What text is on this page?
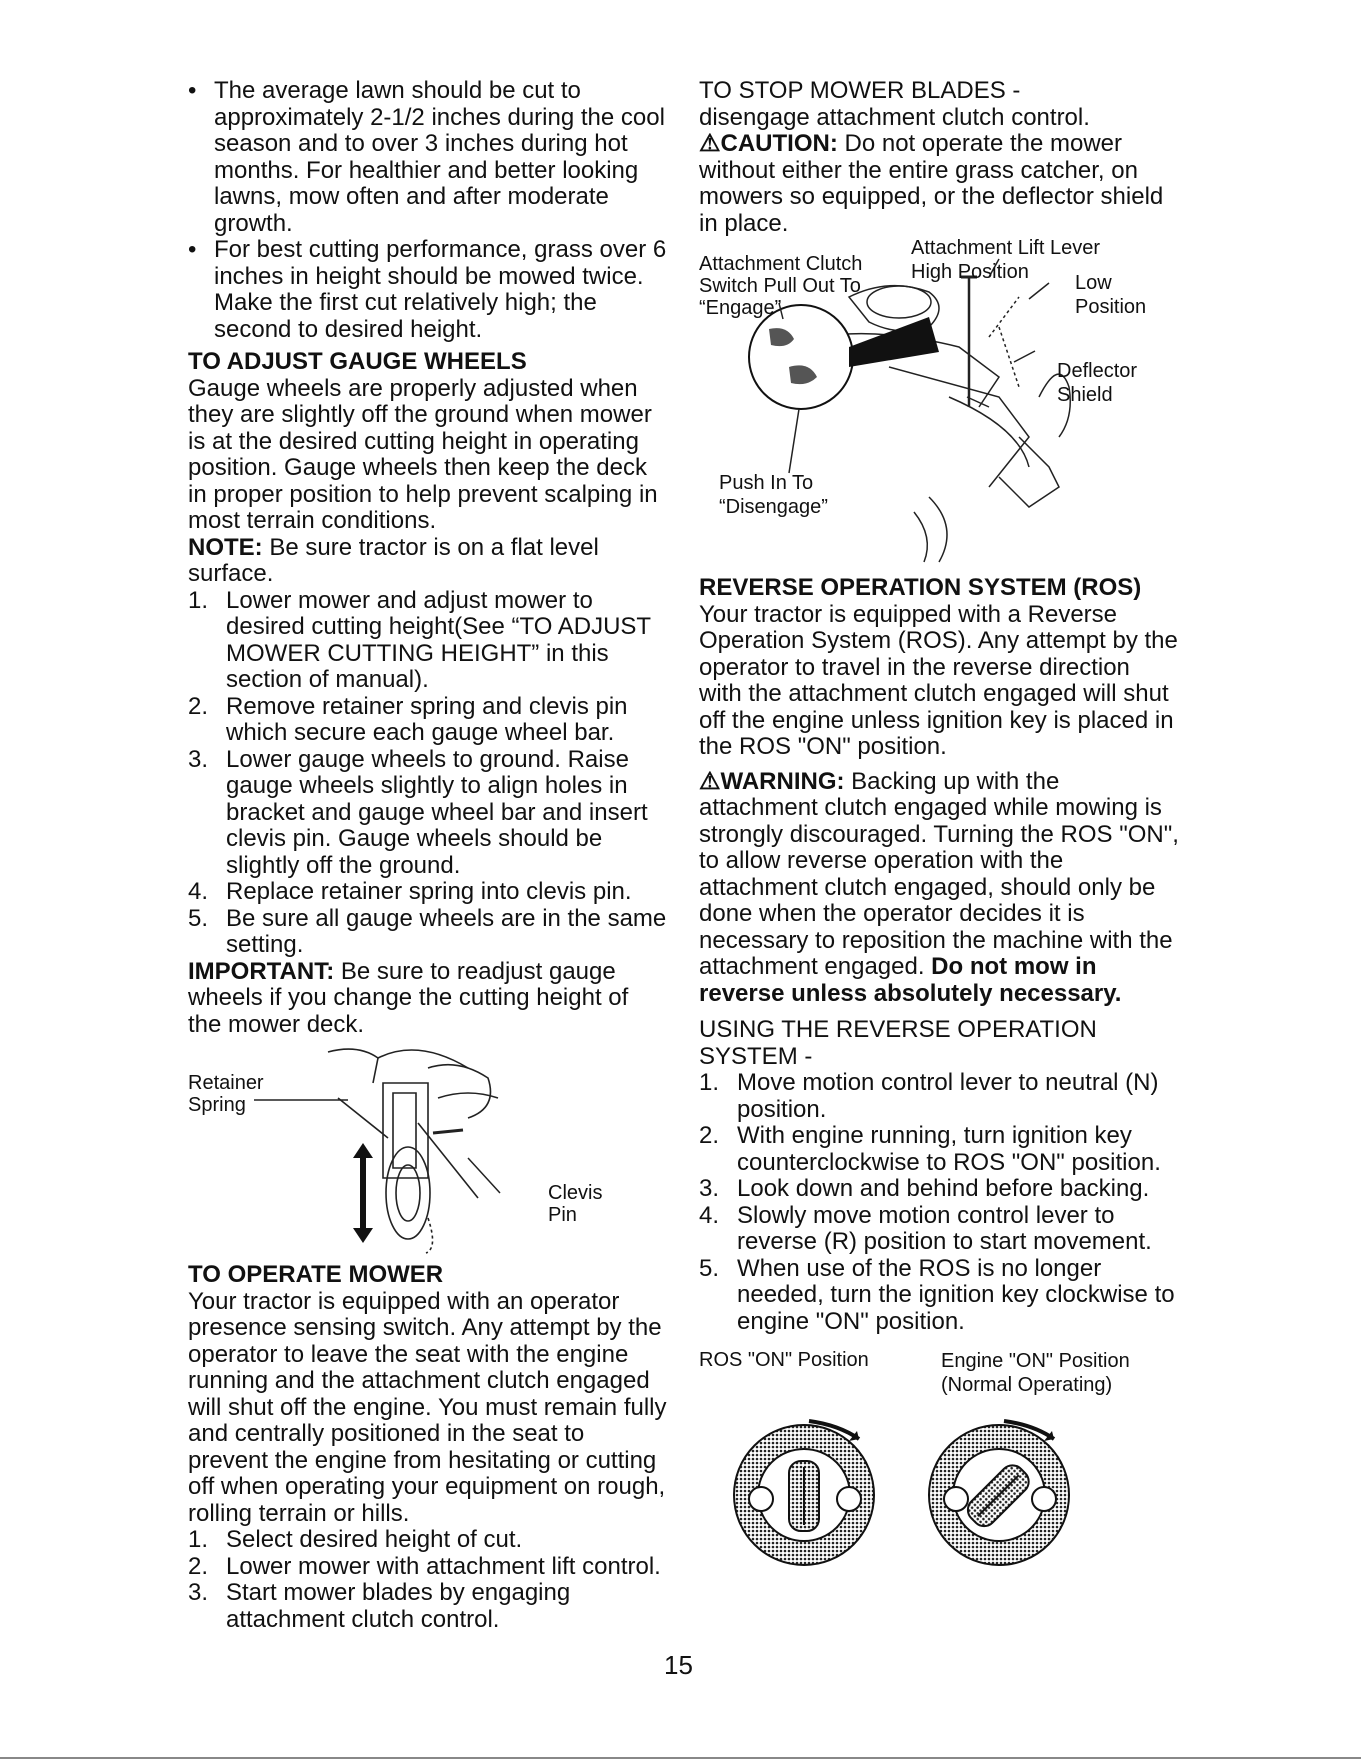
• The average lawn should be cut to approximately 2-1/2 inches during the cool season and to over 3 inches during hot months. For healthier and better looking lawns, mow often and after moderate growth.
• For best cutting performance, grass over 6 inches in height should be mowed twice. Make the first cut relatively high; the second to desired height.

TO ADJUST GAUGE WHEELS

Gauge wheels are properly adjusted when they are slightly off the ground when mower is at the desired cutting height in operating position. Gauge wheels then keep the deck in proper position to help prevent scalping in most terrain conditions.

NOTE: Be sure tractor is on a flat level surface.

1. Lower mower and adjust mower to desired cutting height(See “TO ADJUST MOWER CUTTING HEIGHT” in this section of manual).
2. Remove retainer spring and clevis pin which secure each gauge wheel bar.
3. Lower gauge wheels to ground. Raise gauge wheels slightly to align holes in bracket and gauge wheel bar and insert clevis pin. Gauge wheels should be slightly off the ground.
4. Replace retainer spring into clevis pin.
5. Be sure all gauge wheels are in the same setting.

IMPORTANT: Be sure to readjust gauge wheels if you change the cutting height of the mower deck.

Retainer
Spring
Clevis
Pin

TO OPERATE MOWER

Your tractor is equipped with an operator presence sensing switch. Any attempt by the operator to leave the seat with the engine running and the attachment clutch engaged will shut off the engine. You must remain fully and centrally positioned in the seat to prevent the engine from hesitating or cutting off when operating your equipment on rough, rolling terrain or hills.

1. Select desired height of cut.
2. Lower mower with attachment lift control.
3. Start mower blades by engaging attachment clutch control.

TO STOP MOWER BLADES -

disengage attachment clutch control.

⚠CAUTION: Do not operate the mower without either the entire grass catcher, on mowers so equipped, or the deflector shield in place.

Attachment Lift Lever
High Position
Attachment Clutch
Switch Pull Out To
“Engage”
Low
Position
Deflector
Shield
Push In To
“Disengage”

REVERSE OPERATION SYSTEM (ROS)

Your tractor is equipped with a Reverse Operation System (ROS). Any attempt by the operator to travel in the reverse direction with the attachment clutch engaged will shut off the engine unless ignition key is placed in the ROS "ON" position.

⚠WARNING: Backing up with the attachment clutch engaged while mowing is strongly discouraged. Turning the ROS "ON", to allow reverse operation with the attachment clutch engaged, should only be done when the operator decides it is necessary to reposition the machine with the attachment engaged. Do not mow in reverse unless absolutely necessary.

USING THE REVERSE OPERATION SYSTEM -

1. Move motion control lever to neutral (N) position.
2. With engine running, turn ignition key counterclockwise to ROS "ON" position.
3. Look down and behind before backing.
4. Slowly move motion control lever to reverse (R) position to start movement.
5. When use of the ROS is no longer needed, turn the ignition key clockwise to engine "ON" position.
ROS "ON" Position	Engine "ON" Position
(Normal Operating)
15
